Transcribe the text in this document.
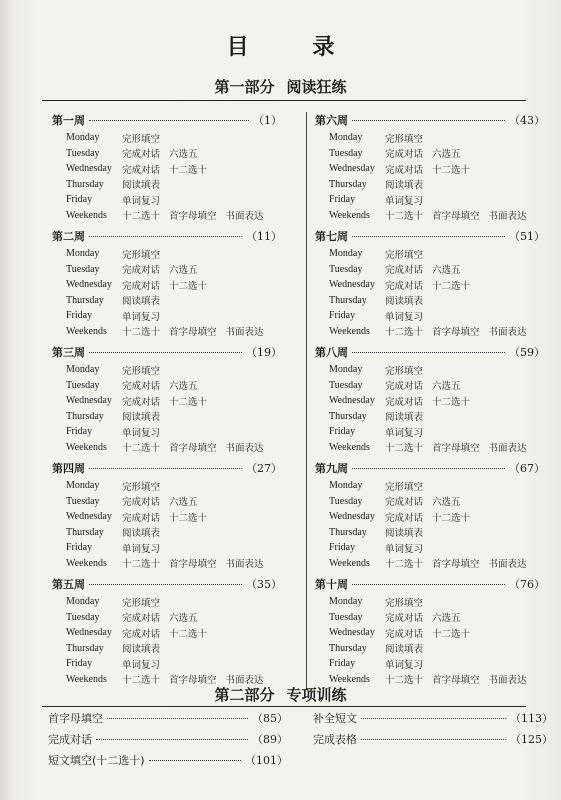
目 录
第一部分 阅读狂练
第一周	（1）
Monday	完形填空
Tuesday	完成对话 六选五
Wednesday	完成对话 十二选十
Thursday	阅读填表
Friday	单词复习
Weekends	十二选十 首字母填空 书面表达
第二周	（11）
Monday	完形填空
Tuesday	完成对话 六选五
Wednesday	完成对话 十二选十
Thursday	阅读填表
Friday	单词复习
Weekends	十二选十 首字母填空 书面表达
第三周	（19）
Monday	完形填空
Tuesday	完成对话 六选五
Wednesday	完成对话 十二选十
Thursday	阅读填表
Friday	单词复习
Weekends	十二选十 首字母填空 书面表达
第四周	（27）
Monday	完形填空
Tuesday	完成对话 六选五
Wednesday	完成对话 十二选十
Thursday	阅读填表
Friday	单词复习
Weekends	十二选十 首字母填空 书面表达
第五周	（35）
Monday	完形填空
Tuesday	完成对话 六选五
Wednesday	完成对话 十二选十
Thursday	阅读填表
Friday	单词复习
Weekends	十二选十 首字母填空 书面表达
第六周	（43）
Monday	完形填空
Tuesday	完成对话 六选五
Wednesday	完成对话 十二选十
Thursday	阅读填表
Friday	单词复习
Weekends	十二选十 首字母填空 书面表达
第七周	（51）
Monday	完形填空
Tuesday	完成对话 六选五
Wednesday	完成对话 十二选十
Thursday	阅读填表
Friday	单词复习
Weekends	十二选十 首字母填空 书面表达
第八周	（59）
Monday	完形填空
Tuesday	完成对话 六选五
Wednesday	完成对话 十二选十
Thursday	阅读填表
Friday	单词复习
Weekends	十二选十 首字母填空 书面表达
第九周	（67）
Monday	完形填空
Tuesday	完成对话 六选五
Wednesday	完成对话 十二选十
Thursday	阅读填表
Friday	单词复习
Weekends	十二选十 首字母填空 书面表达
第十周	（76）
Monday	完形填空
Tuesday	完成对话 六选五
Wednesday	完成对话 十二选十
Thursday	阅读填表
Friday	单词复习
Weekends	十二选十 首字母填空 书面表达
第二部分 专项训练
首字母填空	（85）
完成对话	（89）
短文填空(十二选十)	（101）
补全短文	（113）
完成表格	（125）
